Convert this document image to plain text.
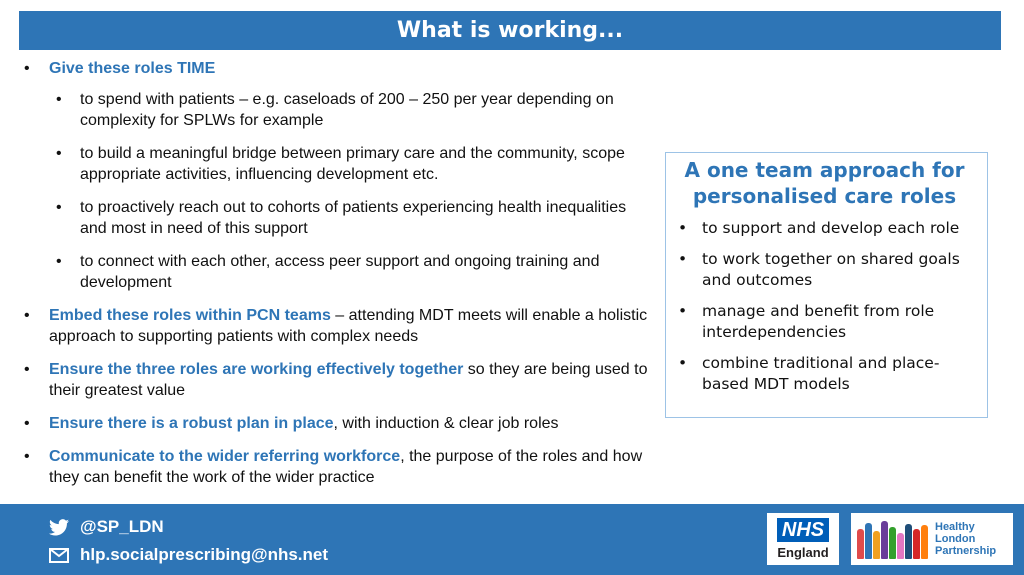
What is working...
• Give these roles TIME
• to spend with patients – e.g. caseloads of 200 – 250 per year depending on complexity for SPLWs for example
• to build a meaningful bridge between primary care and the community, scope appropriate activities, influencing development etc.
• to proactively reach out to cohorts of patients experiencing health inequalities and most in need of this support
• to connect with each other, access peer support and ongoing training and development
• Embed these roles within PCN teams – attending MDT meets will enable a holistic approach to supporting patients with complex needs
• Ensure the three roles are working effectively together so they are being used to their greatest value
• Ensure there is a robust plan in place, with induction & clear job roles
• Communicate to the wider referring workforce, the purpose of the roles and how they can benefit the work of the wider practice
A one team approach for personalised care roles
• to support and develop each role
• to work together on shared goals and outcomes
• manage and benefit from role interdependencies
• combine traditional and place-based MDT models
@SP_LDN
hlp.socialprescribing@nhs.net
NHS
England
Healthy London
Partnership
